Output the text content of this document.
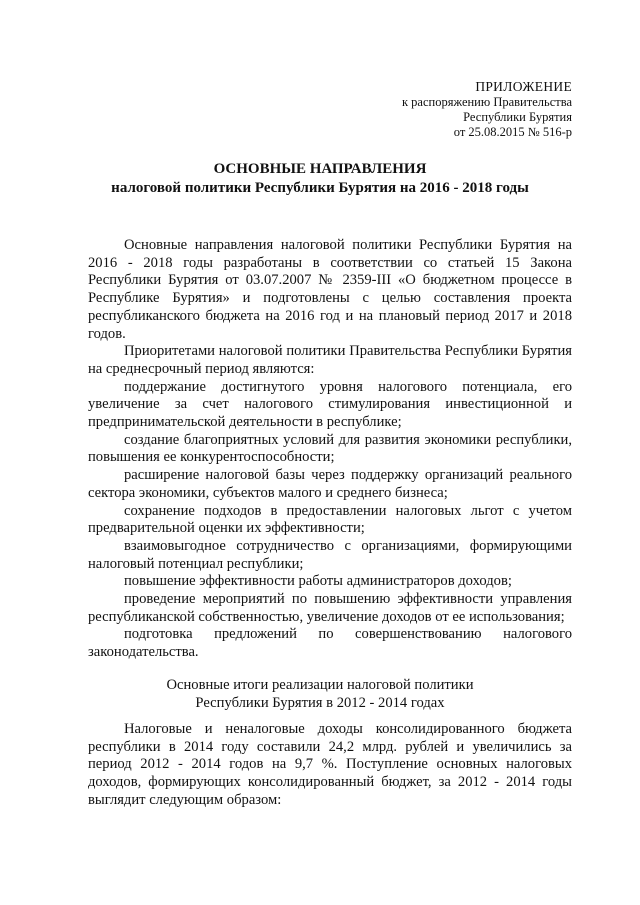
ПРИЛОЖЕНИЕ
к распоряжению Правительства
Республики Бурятия
от 25.08.2015 № 516-р
ОСНОВНЫЕ НАПРАВЛЕНИЯ
налоговой политики Республики Бурятия на 2016 - 2018 годы

Основные направления налоговой политики Республики Бурятия на 2016 - 2018 годы разработаны в соответствии со статьей 15 Закона Республики Бурятия от 03.07.2007 № 2359-III «О бюджетном процессе в Республике Бурятия» и подготовлены с целью составления проекта республиканского бюджета на 2016 год и на плановый период 2017 и 2018 годов.

Приоритетами налоговой политики Правительства Республики Бурятия на среднесрочный период являются:

поддержание достигнутого уровня налогового потенциала, его увеличение за счет налогового стимулирования инвестиционной и предпринимательской деятельности в республике;

создание благоприятных условий для развития экономики республики, повышения ее конкурентоспособности;

расширение налоговой базы через поддержку организаций реального сектора экономики, субъектов малого и среднего бизнеса;

сохранение подходов в предоставлении налоговых льгот с учетом предварительной оценки их эффективности;

взаимовыгодное сотрудничество с организациями, формирующими налоговый потенциал республики;

повышение эффективности работы администраторов доходов;

проведение мероприятий по повышению эффективности управления республиканской собственностью, увеличение доходов от ее использования;

подготовка предложений по совершенствованию налогового законодательства.

Основные итоги реализации налоговой политики
Республики Бурятия в 2012 - 2014 годах

Налоговые и неналоговые доходы консолидированного бюджета республики в 2014 году составили 24,2 млрд. рублей и увеличились за период 2012 - 2014 годов на 9,7 %. Поступление основных налоговых доходов, формирующих консолидированный бюджет, за 2012 - 2014 годы выглядит следующим образом:
